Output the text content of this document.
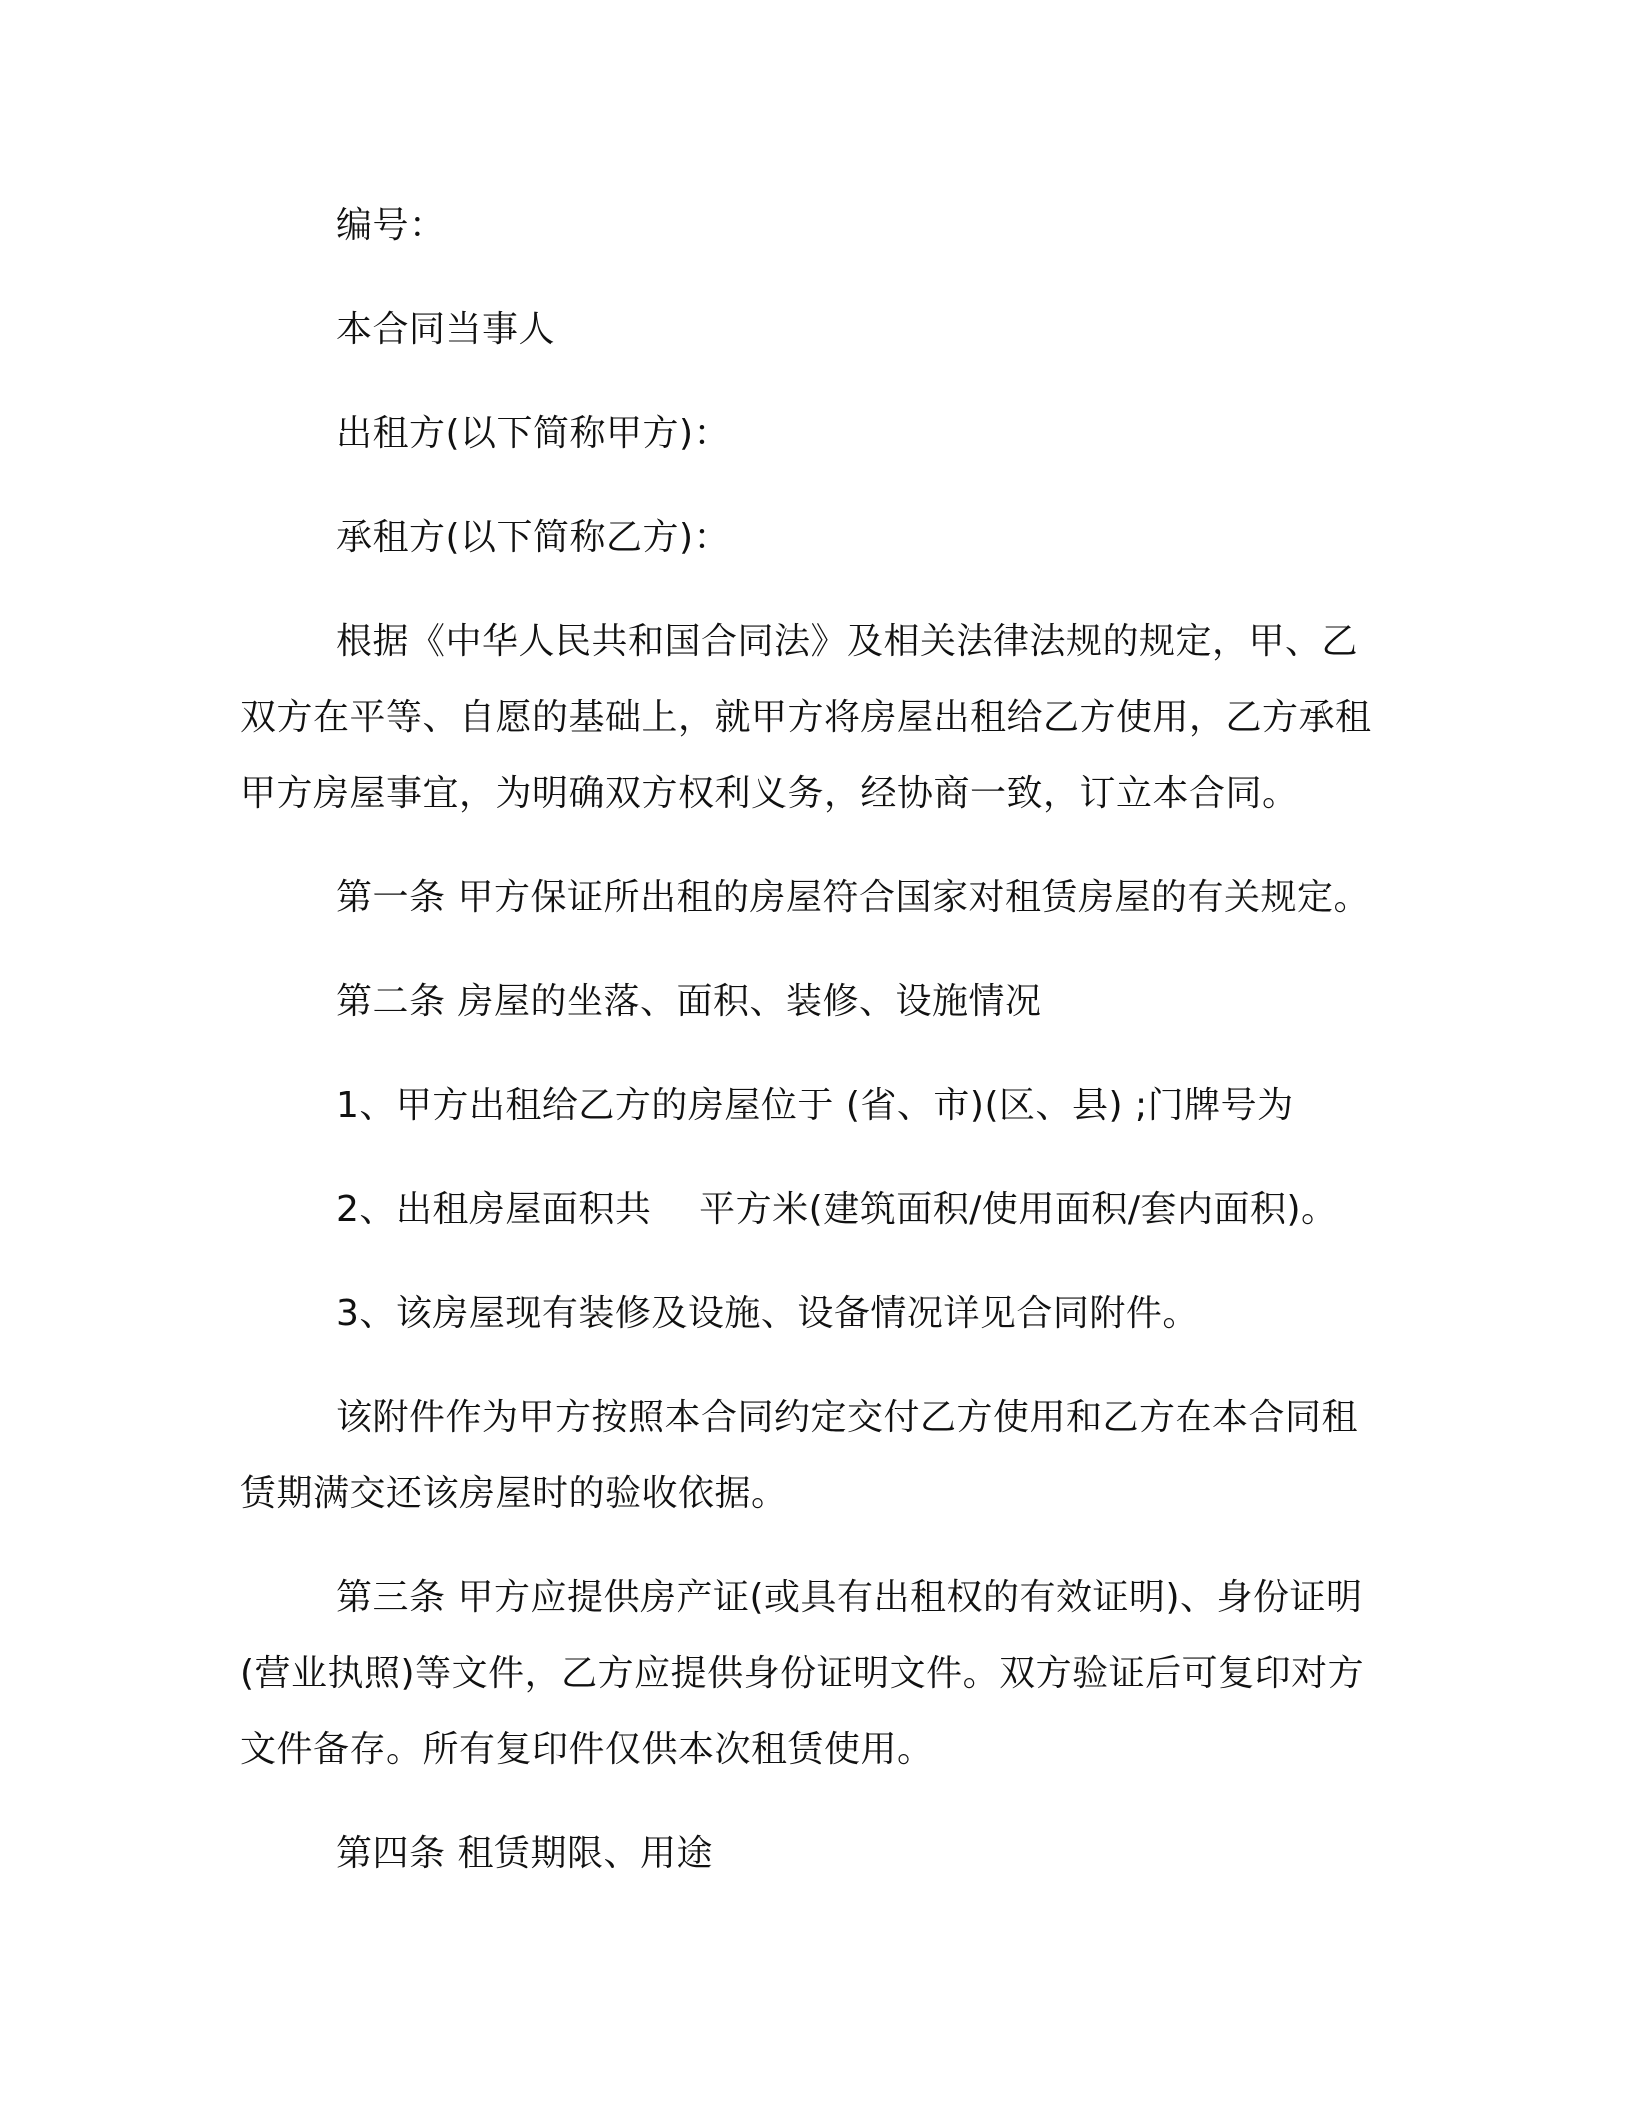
编号：

本合同当事人

出租方(以下简称甲方)：

承租方(以下简称乙方)：

根据《中华人民共和国合同法》及相关法律法规的规定，甲、乙双方在平等、自愿的基础上，就甲方将房屋出租给乙方使用，乙方承租甲方房屋事宜，为明确双方权利义务，经协商一致，订立本合同。

第一条 甲方保证所出租的房屋符合国家对租赁房屋的有关规定。

第二条 房屋的坐落、面积、装修、设施情况

1、甲方出租给乙方的房屋位于 (省、市)(区、县) ;门牌号为

2、出租房屋面积共    平方米(建筑面积/使用面积/套内面积)。

3、该房屋现有装修及设施、设备情况详见合同附件。

该附件作为甲方按照本合同约定交付乙方使用和乙方在本合同租赁期满交还该房屋时的验收依据。

第三条 甲方应提供房产证(或具有出租权的有效证明)、身份证明(营业执照)等文件，乙方应提供身份证明文件。双方验证后可复印对方文件备存。所有复印件仅供本次租赁使用。

第四条 租赁期限、用途
